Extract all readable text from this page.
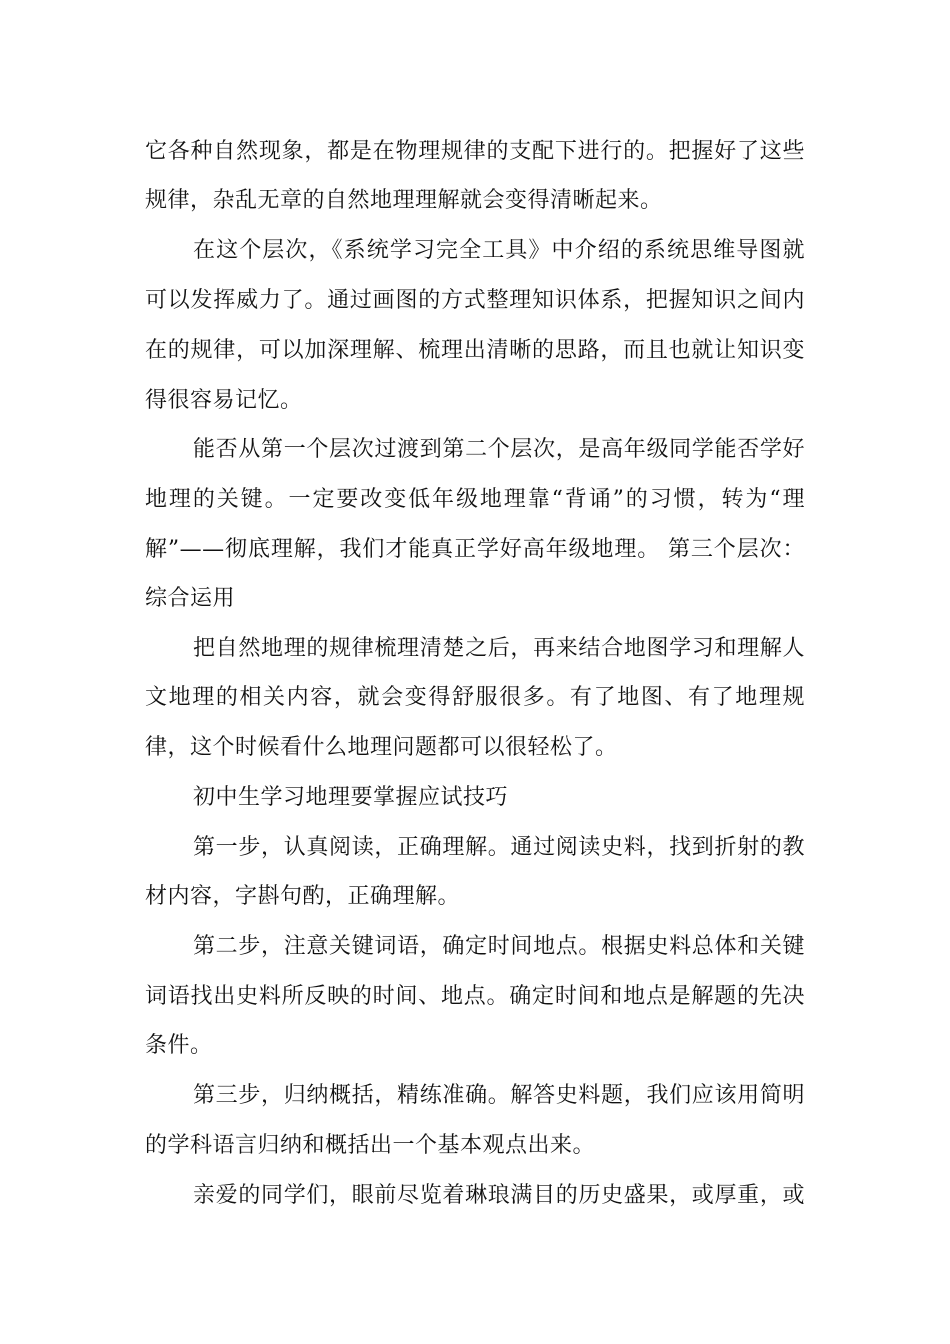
它各种自然现象，都是在物理规律的支配下进行的。把握好了这些
规律，杂乱无章的自然地理理解就会变得清晰起来。
在这个层次，《系统学习完全工具》中介绍的系统思维导图就
可以发挥威力了。通过画图的方式整理知识体系，把握知识之间内
在的规律，可以加深理解、梳理出清晰的思路，而且也就让知识变
得很容易记忆。
能否从第一个层次过渡到第二个层次，是高年级同学能否学好
地理的关键。一定要改变低年级地理靠“背诵”的习惯，转为“理
解”——彻底理解，我们才能真正学好高年级地理。 第三个层次：
综合运用
把自然地理的规律梳理清楚之后，再来结合地图学习和理解人
文地理的相关内容，就会变得舒服很多。有了地图、有了地理规
律，这个时候看什么地理问题都可以很轻松了。
初中生学习地理要掌握应试技巧
第一步，认真阅读，正确理解。通过阅读史料，找到折射的教
材内容，字斟句酌，正确理解。
第二步，注意关键词语，确定时间地点。根据史料总体和关键
词语找出史料所反映的时间、地点。确定时间和地点是解题的先决
条件。
第三步，归纳概括，精练准确。解答史料题，我们应该用简明
的学科语言归纳和概括出一个基本观点出来。
亲爱的同学们，眼前尽览着琳琅满目的历史盛果，或厚重，或
